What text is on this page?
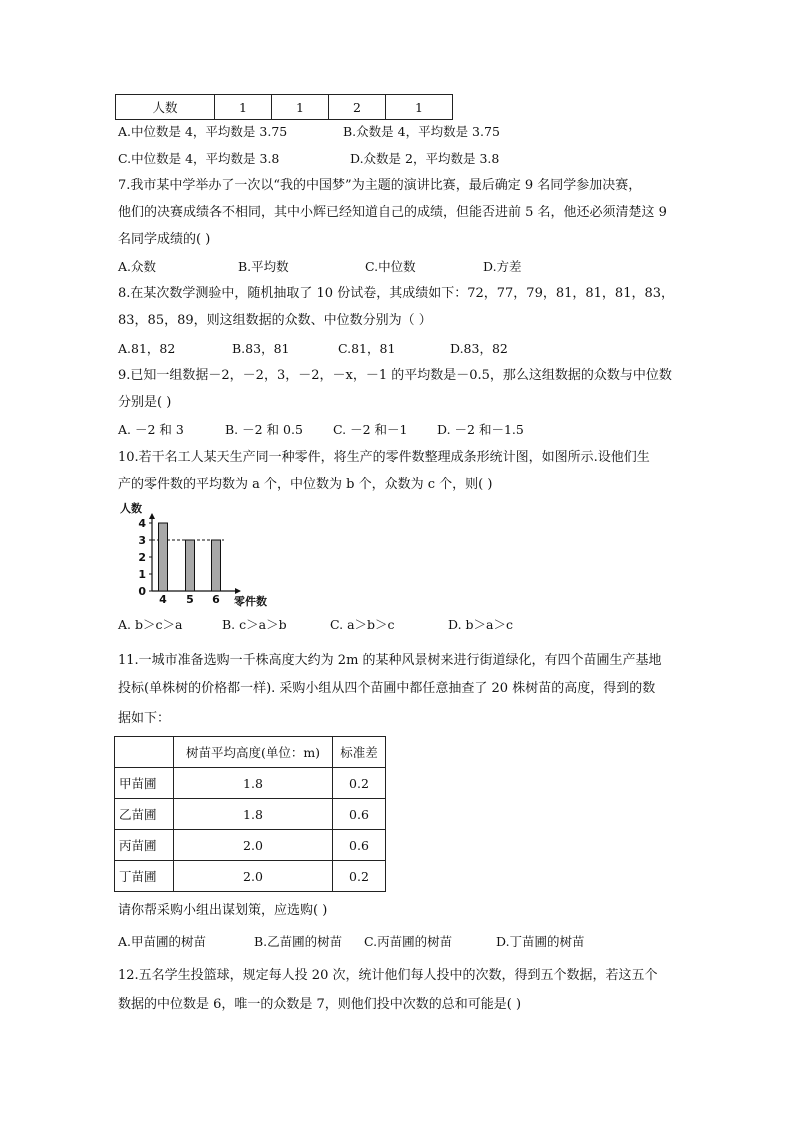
人数	1	1	2	1
A.中位数是 4，平均数是 3.75	B.众数是 4，平均数是 3.75
C.中位数是 4，平均数是 3.8	D.众数是 2，平均数是 3.8
7.我市某中学举办了一次以“我的中国梦”为主题的演讲比赛，最后确定 9 名同学参加决赛，
他们的决赛成绩各不相同，其中小辉已经知道自己的成绩，但能否进前 5 名，他还必须清楚这 9
名同学成绩的( )
A.众数	B.平均数	C.中位数	D.方差
8.在某次数学测验中，随机抽取了 10 份试卷，其成绩如下：72，77，79，81，81，81，83，
83，85，89，则这组数据的众数、中位数分别为（ ）
A.81，82	B.83，81	C.81，81	D.83，82
9.已知一组数据－2，－2，3，－2，－x，－1 的平均数是－0.5，那么这组数据的众数与中位数
分别是( )
A. －2 和 3	B. －2 和 0.5 C. －2 和－1 D. －2 和－1.5
10.若干名工人某天生产同一种零件，将生产的零件数整理成条形统计图，如图所示.设他们生
产的零件数的平均数为 a 个，中位数为 b 个，众数为 c 个，则( )
0
1
2
3
4
人数
4 5 6 零件数
A. b＞c＞a	B. c＞a＞b	C. a＞b＞c	D. b＞a＞c
11.一城市准备选购一千株高度大约为 2m 的某种风景树来进行街道绿化，有四个苗圃生产基地
投标(单株树的价格都一样). 采购小组从四个苗圃中都任意抽查了 20 株树苗的高度，得到的数
据如下：
	树苗平均高度(单位：m)	标准差
甲苗圃	1.8	0.2
乙苗圃	1.8	0.6
丙苗圃	2.0	0.6
丁苗圃	2.0	0.2
请你帮采购小组出谋划策，应选购( )
A.甲苗圃的树苗	B.乙苗圃的树苗 C.丙苗圃的树苗	D.丁苗圃的树苗
12.五名学生投篮球，规定每人投 20 次，统计他们每人投中的次数，得到五个数据，若这五个
数据的中位数是 6，唯一的众数是 7，则他们投中次数的总和可能是( )
